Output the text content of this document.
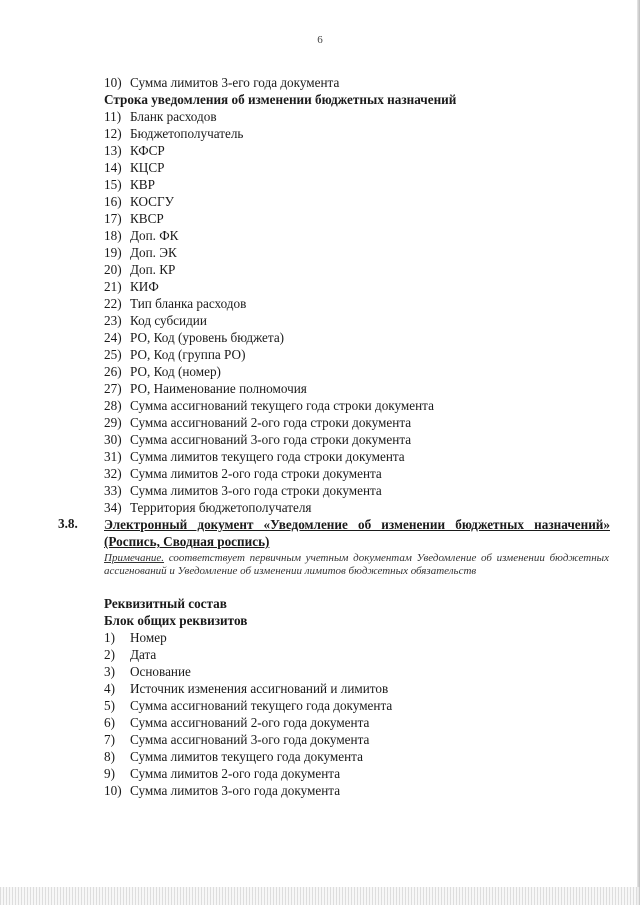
6
10) Сумма лимитов 3-его года документа
Строка уведомления об изменении бюджетных назначений
11) Бланк расходов
12) Бюджетополучатель
13) КФСР
14) КЦСР
15) КВР
16) КОСГУ
17) КВСР
18) Доп. ФК
19) Доп. ЭК
20) Доп. КР
21) КИФ
22) Тип бланка расходов
23) Код субсидии
24) РО, Код (уровень бюджета)
25) РО, Код (группа РО)
26) РО, Код (номер)
27) РО, Наименование полномочия
28) Сумма ассигнований текущего года строки документа
29) Сумма ассигнований 2-ого года строки документа
30) Сумма ассигнований 3-ого года строки документа
31) Сумма лимитов текущего года строки документа
32) Сумма лимитов 2-ого года строки документа
33) Сумма лимитов 3-ого года строки документа
34) Территория бюджетополучателя
3.8. Электронный документ «Уведомление об изменении бюджетных назначений» (Роспись, Сводная роспись)
Примечание. соответствует первичным учетным документам Уведомление об изменении бюджетных ассигнований и Уведомление об изменении лимитов бюджетных обязательств
Реквизитный состав
Блок общих реквизитов
1) Номер
2) Дата
3) Основание
4) Источник изменения ассигнований и лимитов
5) Сумма ассигнований текущего года документа
6) Сумма ассигнований 2-ого года документа
7) Сумма ассигнований 3-ого года документа
8) Сумма лимитов текущего года документа
9) Сумма лимитов 2-ого года документа
10) Сумма лимитов 3-ого года документа
